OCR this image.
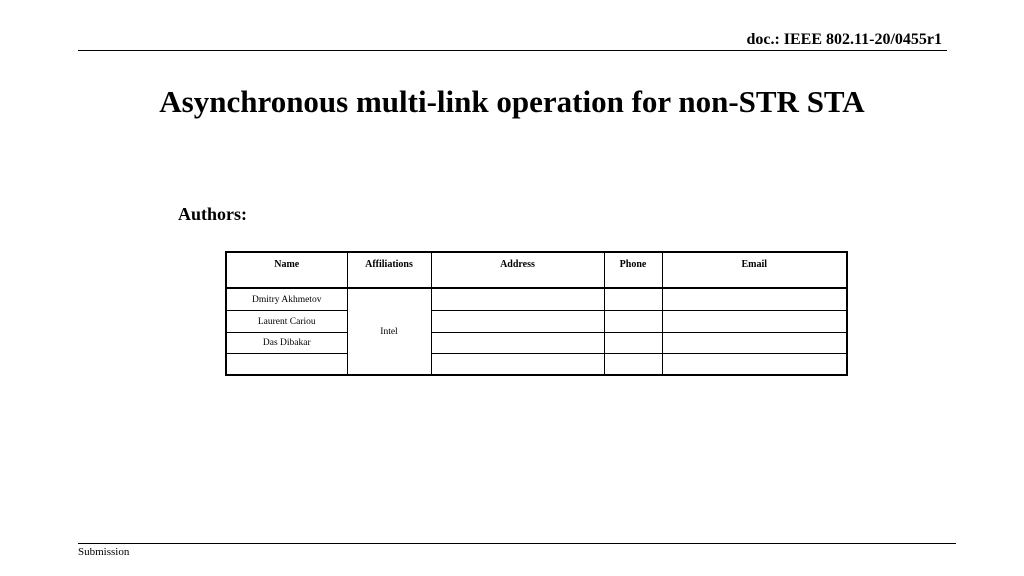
doc.: IEEE 802.11-20/0455r1
Asynchronous multi-link operation for non-STR STA
Authors:
Name	Affiliations	Address	Phone	Email
Dmitry Akhmetov	Intel			
Laurent Cariou				
Das Dibakar				

Submission
